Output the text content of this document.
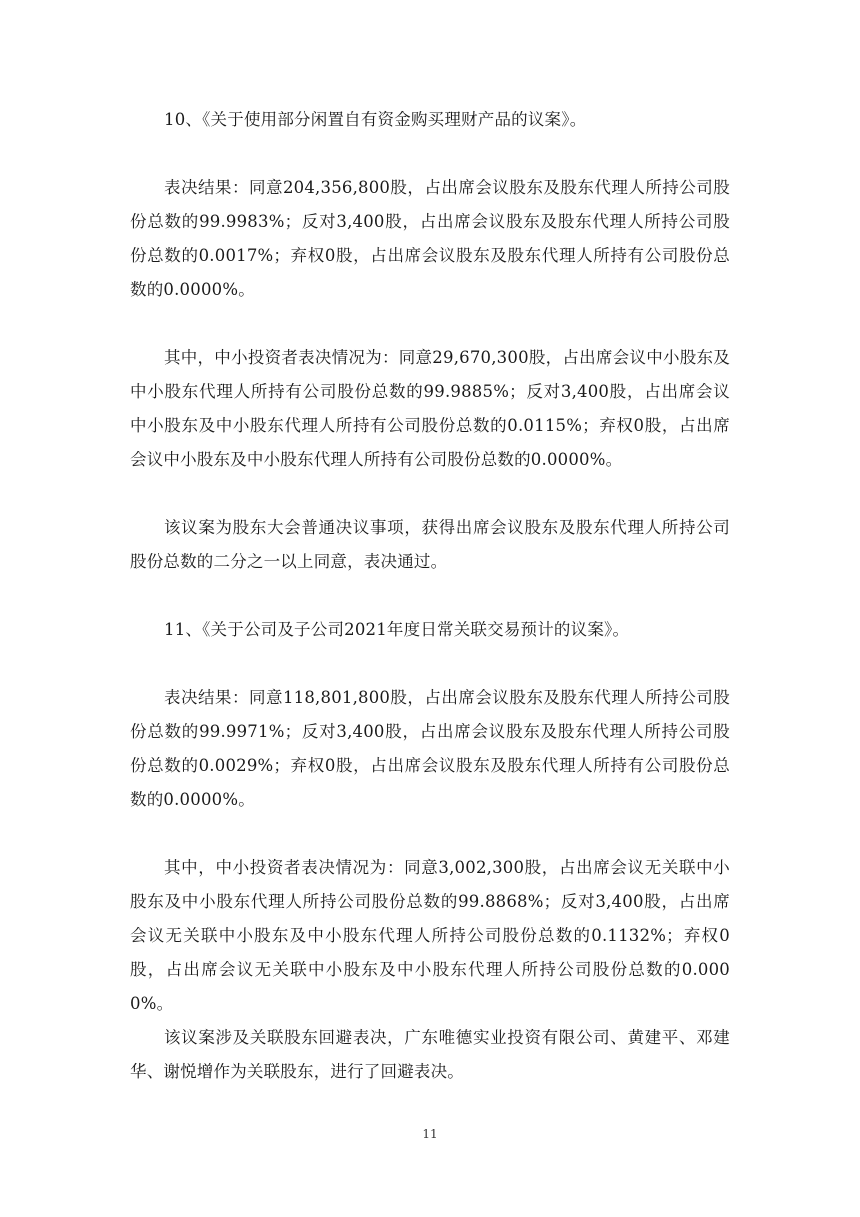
10、《关于使用部分闲置自有资金购买理财产品的议案》。

表决结果：同意204,356,800股，占出席会议股东及股东代理人所持公司股份总数的99.9983%；反对3,400股，占出席会议股东及股东代理人所持公司股份总数的0.0017%；弃权0股，占出席会议股东及股东代理人所持有公司股份总数的0.0000%。

其中，中小投资者表决情况为：同意29,670,300股，占出席会议中小股东及中小股东代理人所持有公司股份总数的99.9885%；反对3,400股，占出席会议中小股东及中小股东代理人所持有公司股份总数的0.0115%；弃权0股，占出席会议中小股东及中小股东代理人所持有公司股份总数的0.0000%。

该议案为股东大会普通决议事项，获得出席会议股东及股东代理人所持公司股份总数的二分之一以上同意，表决通过。

11、《关于公司及子公司2021年度日常关联交易预计的议案》。

表决结果：同意118,801,800股，占出席会议股东及股东代理人所持公司股份总数的99.9971%；反对3,400股，占出席会议股东及股东代理人所持公司股份总数的0.0029%；弃权0股，占出席会议股东及股东代理人所持有公司股份总数的0.0000%。

其中，中小投资者表决情况为：同意3,002,300股，占出席会议无关联中小股东及中小股东代理人所持公司股份总数的99.8868%；反对3,400股，占出席会议无关联中小股东及中小股东代理人所持公司股份总数的0.1132%；弃权0股，占出席会议无关联中小股东及中小股东代理人所持公司股份总数的0.0000%。

该议案涉及关联股东回避表决，广东唯德实业投资有限公司、黄建平、邓建华、谢悦增作为关联股东，进行了回避表决。

11
